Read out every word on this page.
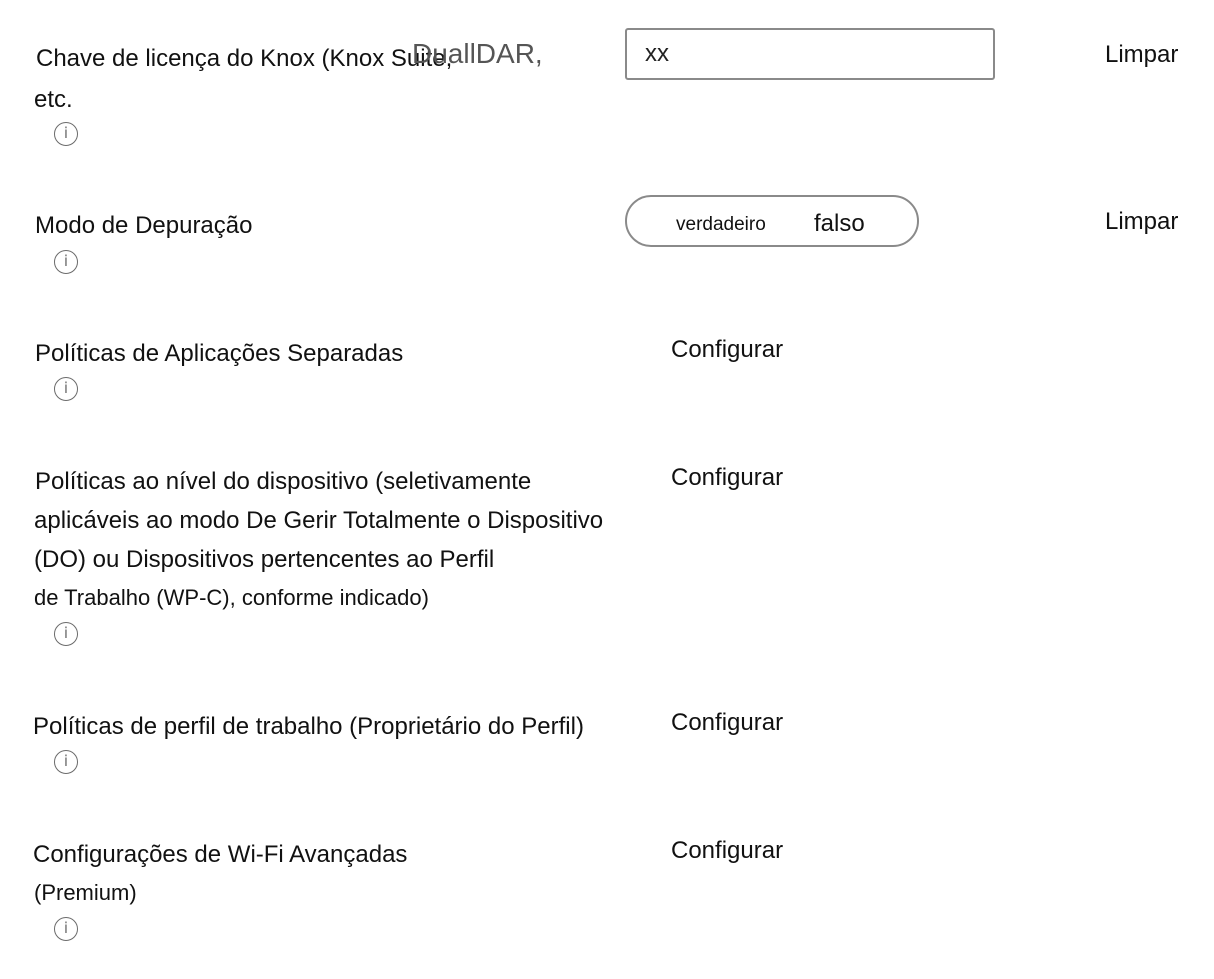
Chave de licença do Knox (Knox Suite,
DuallDAR,
etc.
i
xx
Limpar
Modo de Depuração
i
verdadeiro falso	Limpar
Políticas de Aplicações Separadas
i
Configurar
Políticas ao nível do dispositivo (seletivamente
aplicáveis ao modo De Gerir Totalmente o Dispositivo
(DO) ou Dispositivos pertencentes ao Perfil
de Trabalho (WP-C), conforme indicado)
i
Configurar
Políticas de perfil de trabalho (Proprietário do Perfil)
i
Configurar
Configurações de Wi-Fi Avançadas
(Premium)
i
Configurar
